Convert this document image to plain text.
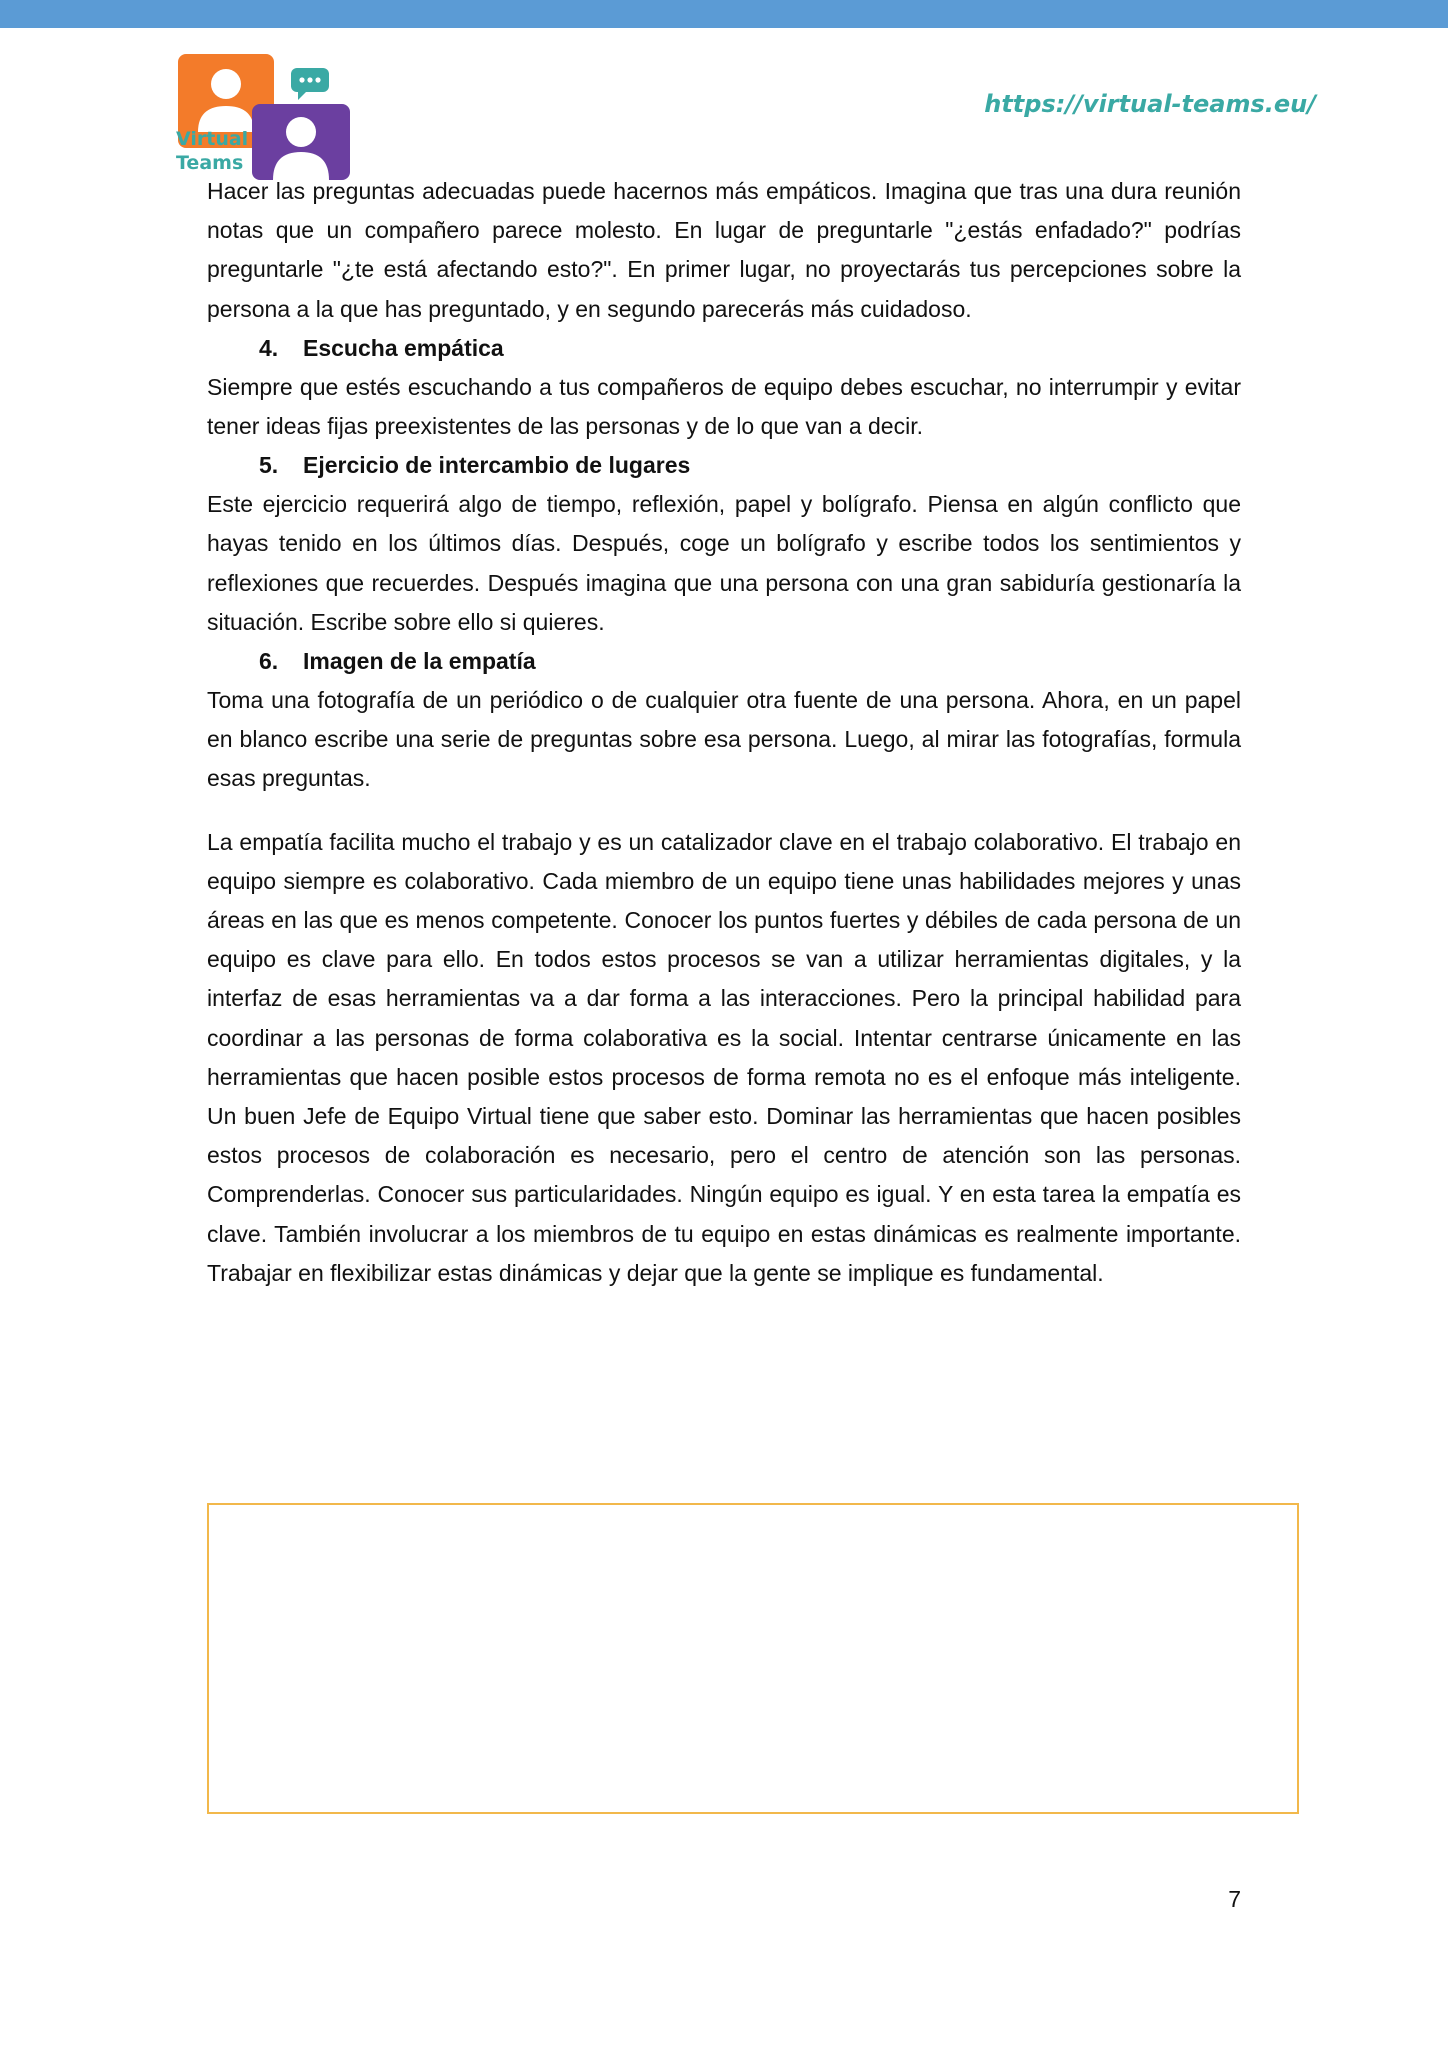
Virtual
Teams
https://virtual-teams.eu/

Hacer las preguntas adecuadas puede hacernos más empáticos. Imagina que tras una dura reunión notas que un compañero parece molesto. En lugar de preguntarle "¿estás enfadado?" podrías preguntarle "¿te está afectando esto?". En primer lugar, no proyectarás tus percepciones sobre la persona a la que has preguntado, y en segundo parecerás más cuidadoso.

4.	Escucha empática

Siempre que estés escuchando a tus compañeros de equipo debes escuchar, no interrumpir y evitar tener ideas fijas preexistentes de las personas y de lo que van a decir.

5.	Ejercicio de intercambio de lugares

Este ejercicio requerirá algo de tiempo, reflexión, papel y bolígrafo. Piensa en algún conflicto que hayas tenido en los últimos días. Después, coge un bolígrafo y escribe todos los sentimientos y reflexiones que recuerdes. Después imagina que una persona con una gran sabiduría gestionaría la situación. Escribe sobre ello si quieres.

6.	Imagen de la empatía

Toma una fotografía de un periódico o de cualquier otra fuente de una persona. Ahora, en un papel en blanco escribe una serie de preguntas sobre esa persona. Luego, al mirar las fotografías, formula esas preguntas.

La empatía facilita mucho el trabajo y es un catalizador clave en el trabajo colaborativo. El trabajo en equipo siempre es colaborativo. Cada miembro de un equipo tiene unas habilidades mejores y unas áreas en las que es menos competente. Conocer los puntos fuertes y débiles de cada persona de un equipo es clave para ello. En todos estos procesos se van a utilizar herramientas digitales, y la interfaz de esas herramientas va a dar forma a las interacciones. Pero la principal habilidad para coordinar a las personas de forma colaborativa es la social. Intentar centrarse únicamente en las herramientas que hacen posible estos procesos de forma remota no es el enfoque más inteligente. Un buen Jefe de Equipo Virtual tiene que saber esto. Dominar las herramientas que hacen posibles estos procesos de colaboración es necesario, pero el centro de atención son las personas. Comprenderlas. Conocer sus particularidades. Ningún equipo es igual. Y en esta tarea la empatía es clave. También involucrar a los miembros de tu equipo en estas dinámicas es realmente importante. Trabajar en flexibilizar estas dinámicas y dejar que la gente se implique es fundamental.

7
